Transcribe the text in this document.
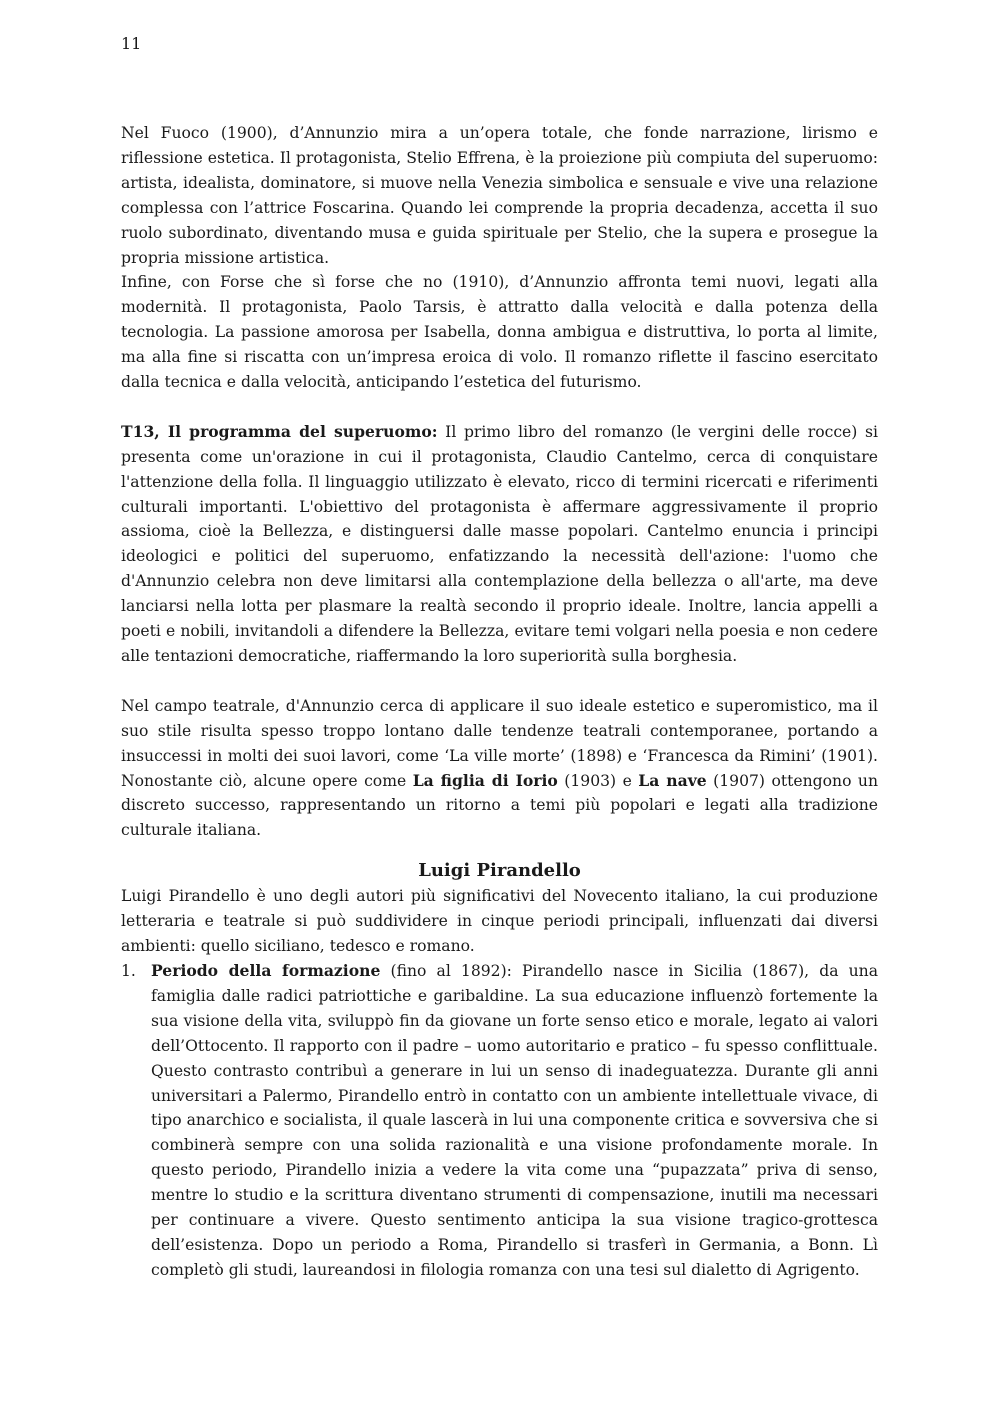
11

Nel Fuoco (1900), d’Annunzio mira a un’opera totale, che fonde narrazione, lirismo e riflessione estetica. Il protagonista, Stelio Effrena, è la proiezione più compiuta del superuomo: artista, idealista, dominatore, si muove nella Venezia simbolica e sensuale e vive una relazione complessa con l’attrice Foscarina. Quando lei comprende la propria decadenza, accetta il suo ruolo subordinato, diventando musa e guida spirituale per Stelio, che la supera e prosegue la propria missione artistica.

Infine, con Forse che sì forse che no (1910), d’Annunzio affronta temi nuovi, legati alla modernità. Il protagonista, Paolo Tarsis, è attratto dalla velocità e dalla potenza della tecnologia. La passione amorosa per Isabella, donna ambigua e distruttiva, lo porta al limite, ma alla fine si riscatta con un’impresa eroica di volo. Il romanzo riflette il fascino esercitato dalla tecnica e dalla velocità, anticipando l’estetica del futurismo.

T13, Il programma del superuomo: Il primo libro del romanzo (le vergini delle rocce) si presenta come un'orazione in cui il protagonista, Claudio Cantelmo, cerca di conquistare l'attenzione della folla. Il linguaggio utilizzato è elevato, ricco di termini ricercati e riferimenti culturali importanti. L'obiettivo del protagonista è affermare aggressivamente il proprio assioma, cioè la Bellezza, e distinguersi dalle masse popolari. Cantelmo enuncia i principi ideologici e politici del superuomo, enfatizzando la necessità dell'azione: l'uomo che d'Annunzio celebra non deve limitarsi alla contemplazione della bellezza o all'arte, ma deve lanciarsi nella lotta per plasmare la realtà secondo il proprio ideale. Inoltre, lancia appelli a poeti e nobili, invitandoli a difendere la Bellezza, evitare temi volgari nella poesia e non cedere alle tentazioni democratiche, riaffermando la loro superiorità sulla borghesia.

Nel campo teatrale, d'Annunzio cerca di applicare il suo ideale estetico e superomistico, ma il suo stile risulta spesso troppo lontano dalle tendenze teatrali contemporanee, portando a insuccessi in molti dei suoi lavori, come ‘La ville morte’ (1898) e ‘Francesca da Rimini’ (1901). Nonostante ciò, alcune opere come La figlia di Iorio (1903) e La nave (1907) ottengono un discreto successo, rappresentando un ritorno a temi più popolari e legati alla tradizione culturale italiana.

Luigi Pirandello

Luigi Pirandello è uno degli autori più significativi del Novecento italiano, la cui produzione letteraria e teatrale si può suddividere in cinque periodi principali, influenzati dai diversi ambienti: quello siciliano, tedesco e romano.

1. Periodo della formazione (fino al 1892): Pirandello nasce in Sicilia (1867), da una famiglia dalle radici patriottiche e garibaldine. La sua educazione influenzò fortemente la sua visione della vita, sviluppò fin da giovane un forte senso etico e morale, legato ai valori dell’Ottocento. Il rapporto con il padre – uomo autoritario e pratico – fu spesso conflittuale. Questo contrasto contribuì a generare in lui un senso di inadeguatezza. Durante gli anni universitari a Palermo, Pirandello entrò in contatto con un ambiente intellettuale vivace, di tipo anarchico e socialista, il quale lascerà in lui una componente critica e sovversiva che si combinerà sempre con una solida razionalità e una visione profondamente morale. In questo periodo, Pirandello inizia a vedere la vita come una “pupazzata” priva di senso, mentre lo studio e la scrittura diventano strumenti di compensazione, inutili ma necessari per continuare a vivere. Questo sentimento anticipa la sua visione tragico-grottesca dell’esistenza. Dopo un periodo a Roma, Pirandello si trasferì in Germania, a Bonn. Lì completò gli studi, laureandosi in filologia romanza con una tesi sul dialetto di Agrigento.
